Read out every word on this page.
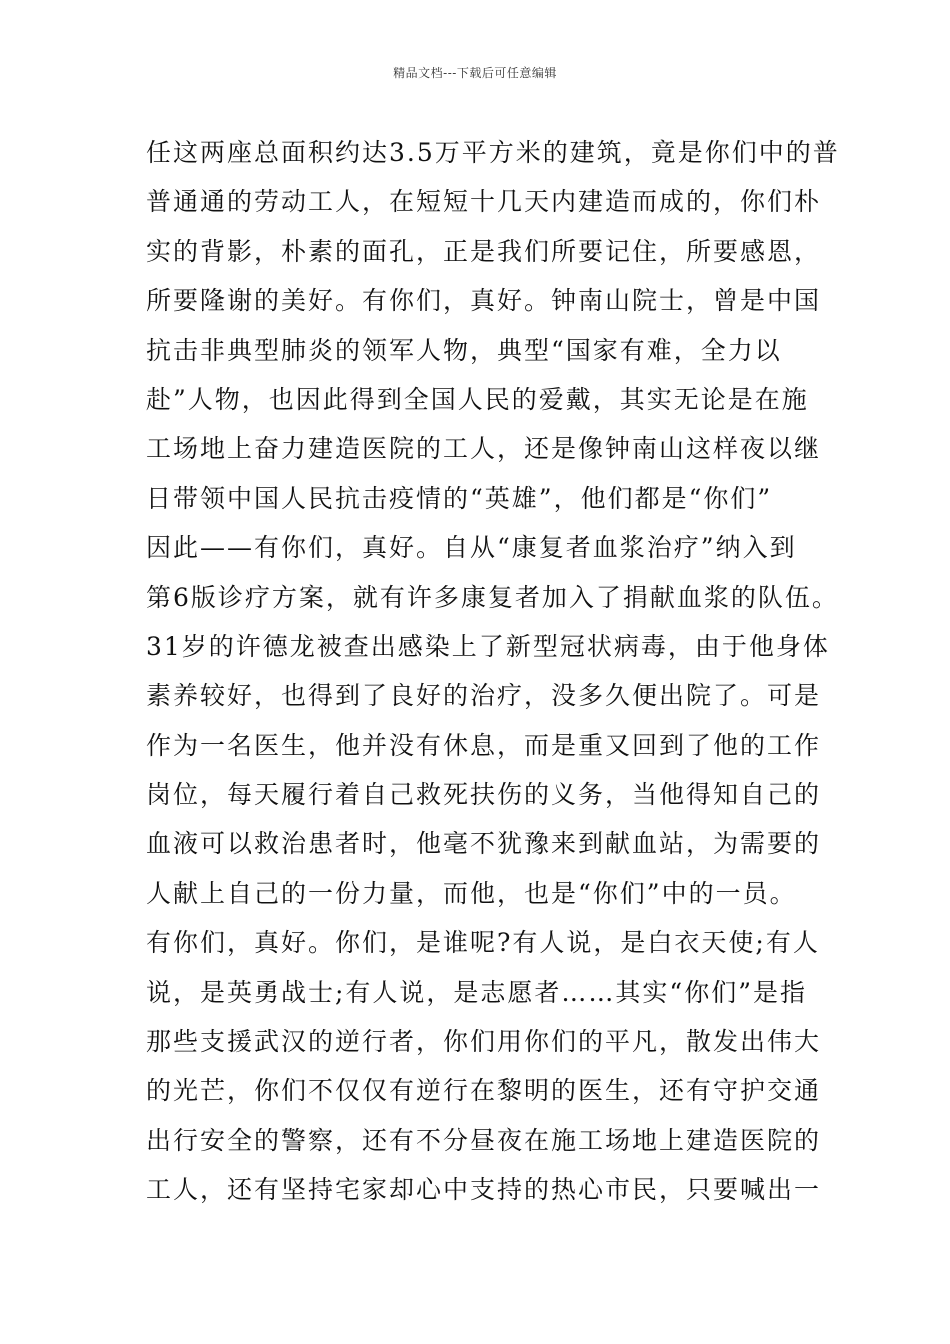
精品文档---下载后可任意编辑
任这两座总面积约达3.5万平方米的建筑，竟是你们中的普
普通通的劳动工人，在短短十几天内建造而成的，你们朴
实的背影，朴素的面孔，正是我们所要记住，所要感恩，
所要隆谢的美好。有你们，真好。钟南山院士，曾是中国
抗击非典型肺炎的领军人物，典型“国家有难，全力以
赴”人物，也因此得到全国人民的爱戴，其实无论是在施
工场地上奋力建造医院的工人，还是像钟南山这样夜以继
日带领中国人民抗击疫情的“英雄”，他们都是“你们”
因此——有你们，真好。自从“康复者血浆治疗”纳入到
第6版诊疗方案，就有许多康复者加入了捐献血浆的队伍。
31岁的许德龙被查出感染上了新型冠状病毒，由于他身体
素养较好，也得到了良好的治疗，没多久便出院了。可是
作为一名医生，他并没有休息，而是重又回到了他的工作
岗位，每天履行着自己救死扶伤的义务，当他得知自己的
血液可以救治患者时，他毫不犹豫来到献血站，为需要的
人献上自己的一份力量，而他，也是“你们”中的一员。
有你们，真好。你们，是谁呢?有人说，是白衣天使;有人
说，是英勇战士;有人说，是志愿者……其实“你们”是指
那些支援武汉的逆行者，你们用你们的平凡，散发出伟大
的光芒，你们不仅仅有逆行在黎明的医生，还有守护交通
出行安全的警察，还有不分昼夜在施工场地上建造医院的
工人，还有坚持宅家却心中支持的热心市民，只要喊出一
